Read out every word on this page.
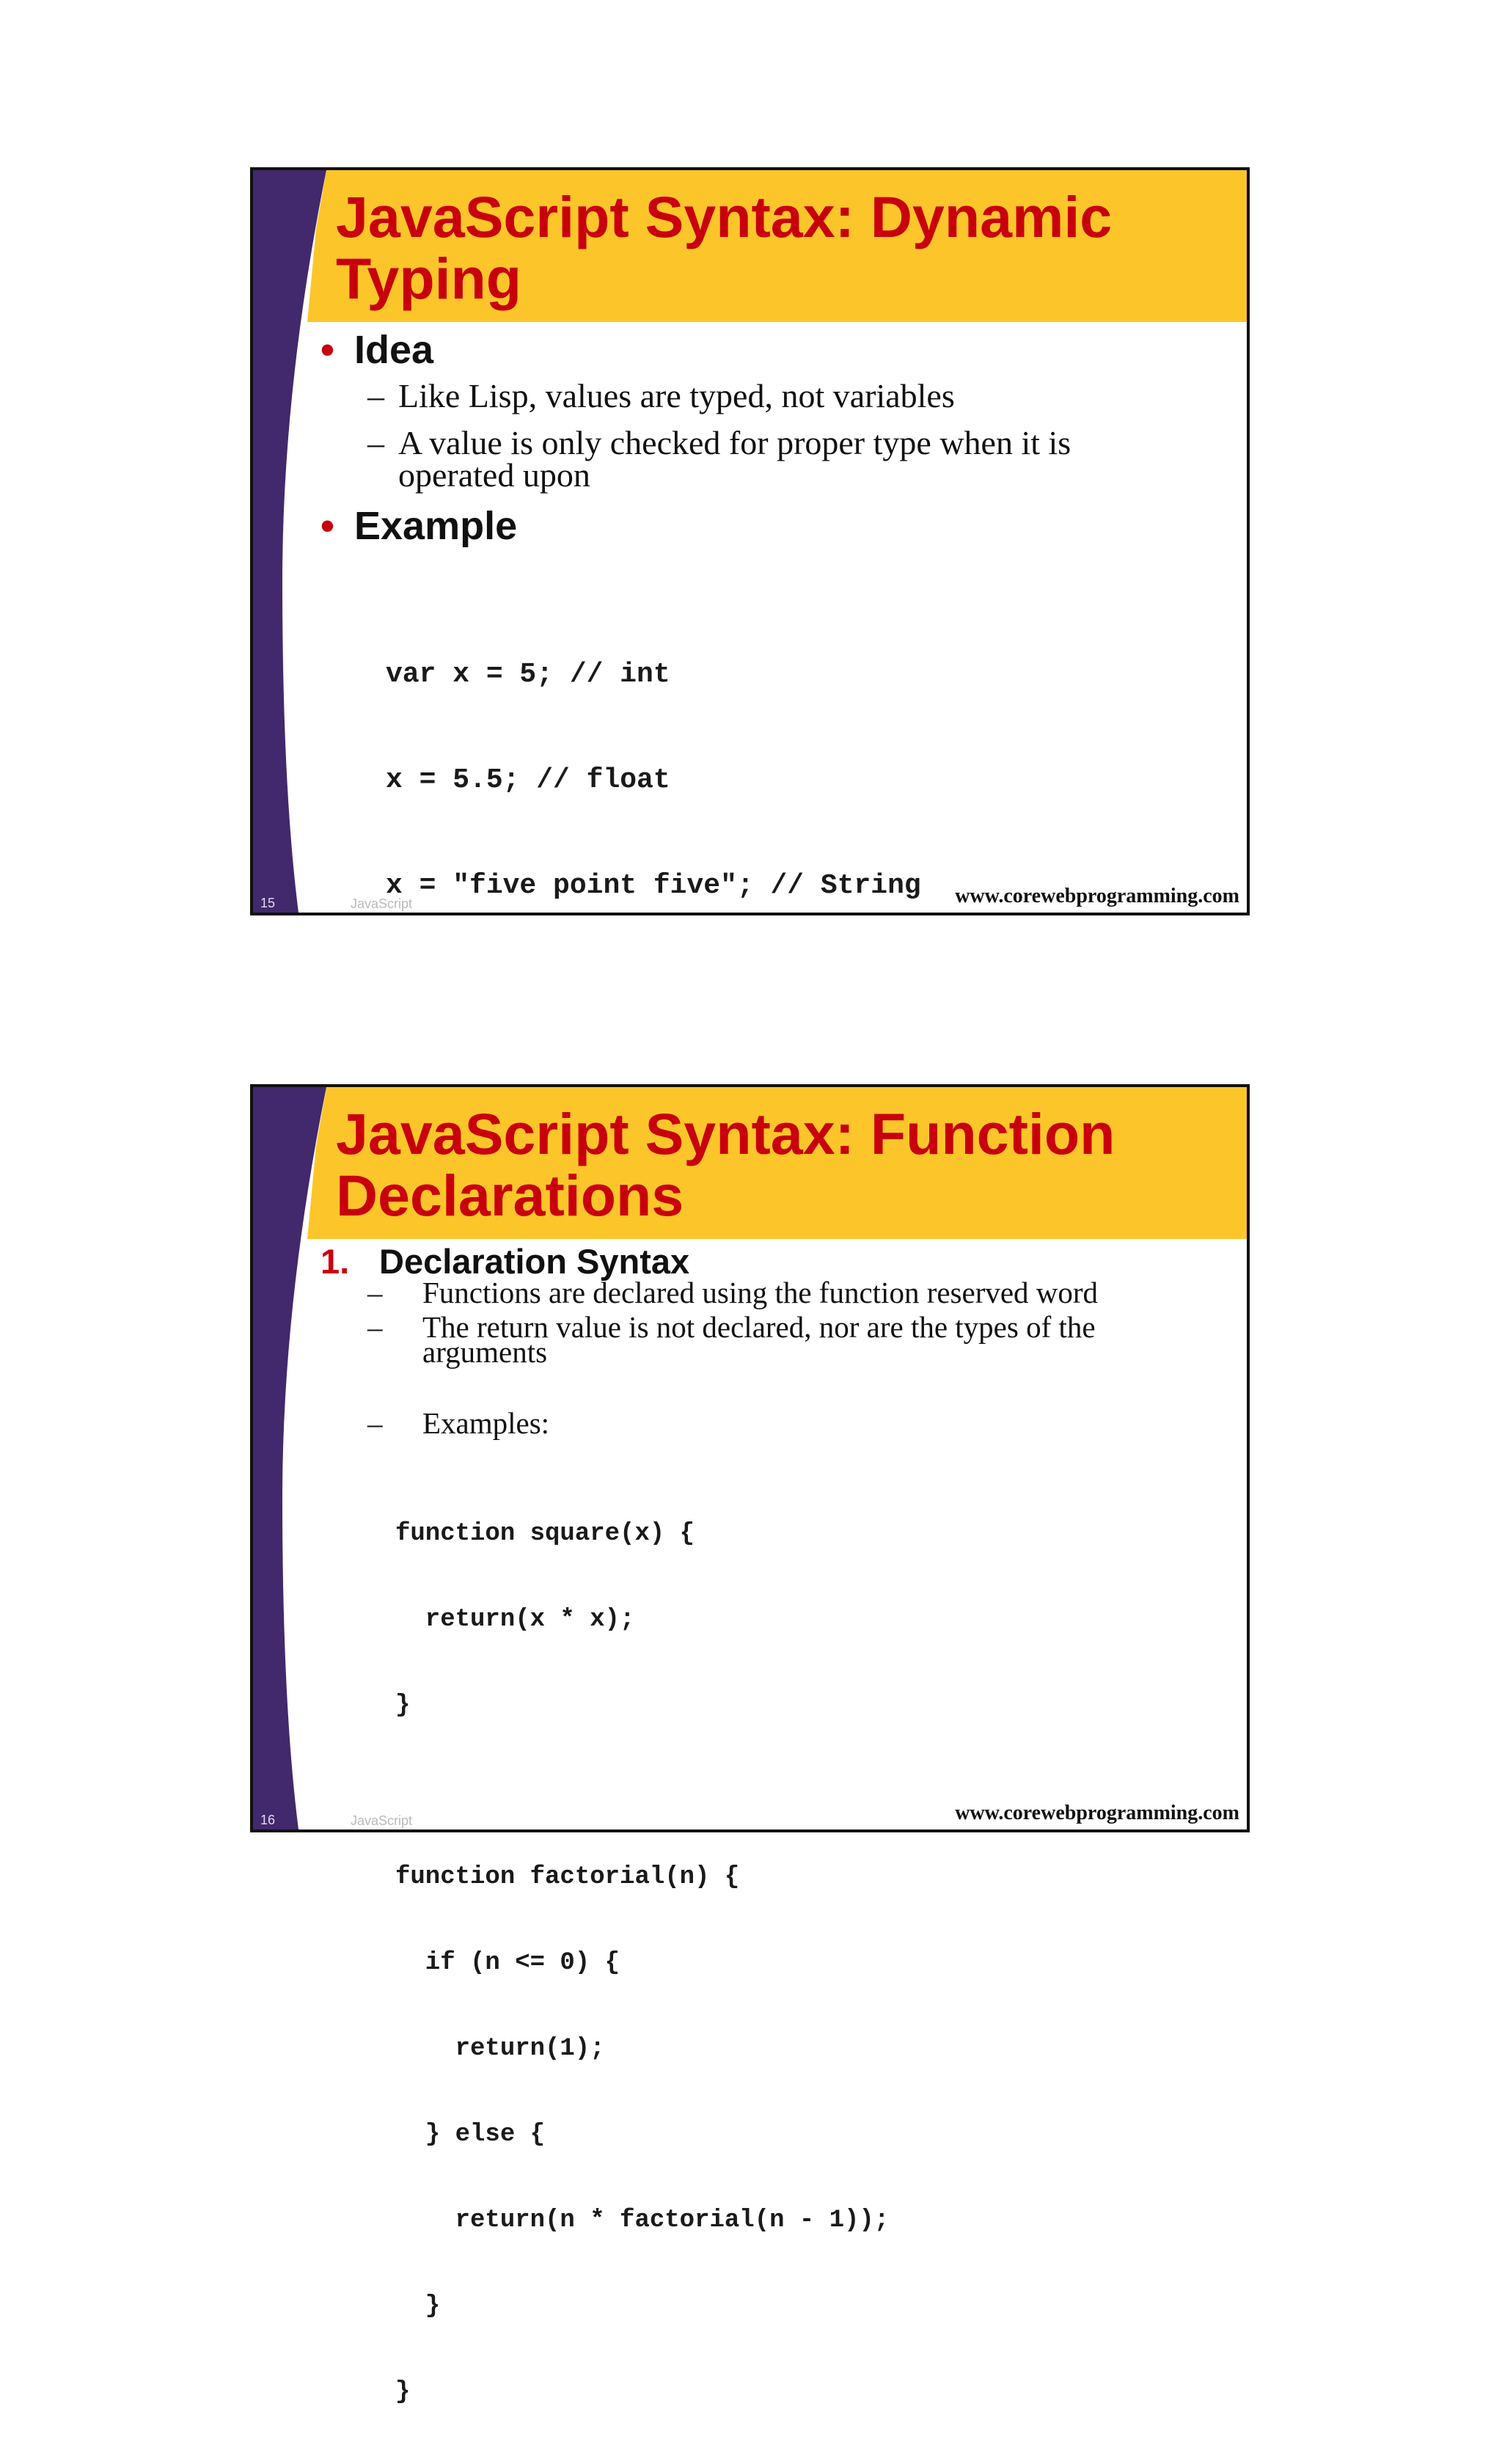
JavaScript Syntax: Dynamic
Typing
• Idea
– Like Lisp, values are typed, not variables
– A value is only checked for proper type when it is
operated upon
• Example

var x = 5; // int

x = 5.5; // float

x = "five point five"; // String

15	JavaScript	www.corewebprogramming.com
JavaScript Syntax: Function
Declarations
1. Declaration Syntax
– Functions are declared using the function reserved word
– The return value is not declared, nor are the types of the
arguments
– Examples:

function square(x) {

return(x * x);

}

function factorial(n) {

if (n <= 0) {

return(1);

} else {

return(n * factorial(n - 1));

}

}

16	JavaScript	www.corewebprogramming.com
